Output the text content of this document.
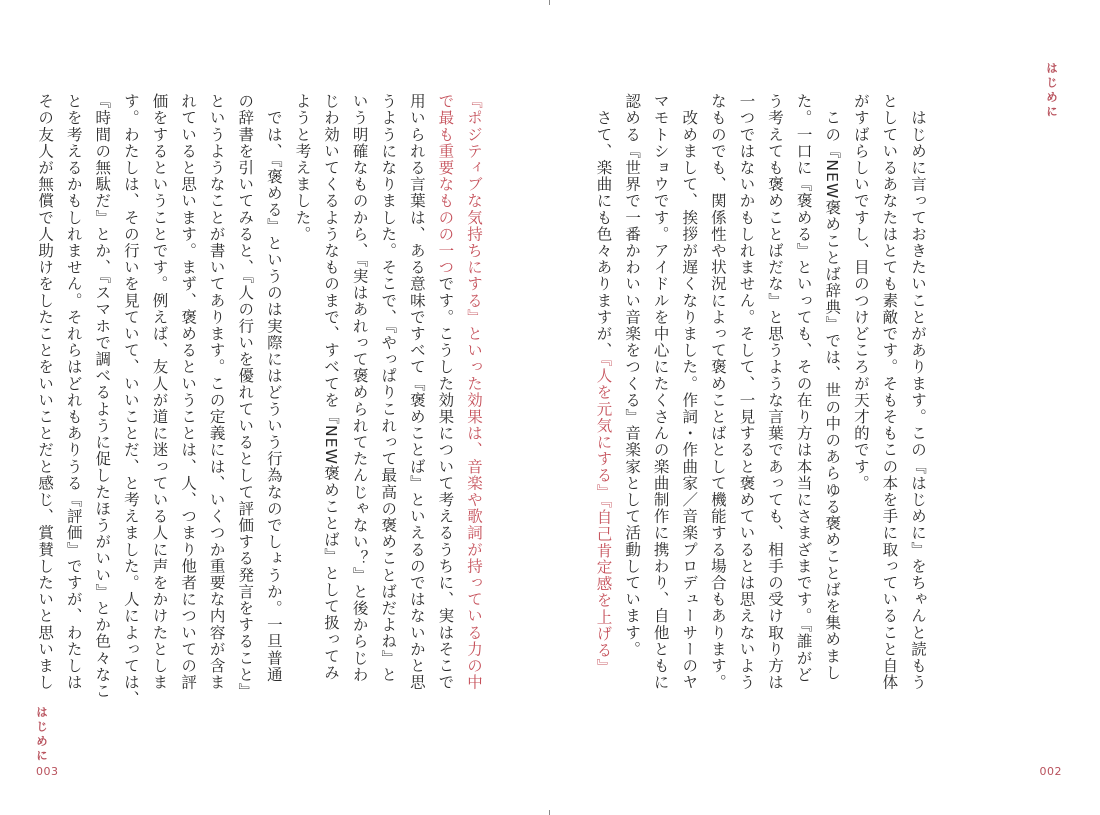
『ポジティブな気持ちにする』といった効果は、音楽や歌詞が持っている力の中
で最も重要なものの一つです。こうした効果について考えるうちに、実はそこで
用いられる言葉は、ある意味ですべて『褒めことば』といえるのではないかと思
うようになりました。そこで、『やっぱりこれって最高の褒めことばだよね』と
いう明確なものから、『実はあれって褒められてたんじゃない？』と後からじわ
じわ効いてくるようなものまで、すべてを『NEW褒めことば』として扱ってみ
ようと考えました。
　では、『褒める』というのは実際にはどういう行為なのでしょうか。一旦普通
の辞書を引いてみると、『人の行いを優れているとして評価する発言をすること』
というようなことが書いてあります。この定義には、いくつか重要な内容が含ま
れていると思います。まず、褒めるということは、人、つまり他者についての評
価をするということです。例えば、友人が道に迷っている人に声をかけたとしま
す。わたしは、その行いを見ていて、いいことだ、と考えました。人によっては、
『時間の無駄だ』とか、『スマホで調べるように促したほうがいい』とか色々なこ
とを考えるかもしれません。それらはどれもありうる『評価』ですが、わたしは
その友人が無償で人助けをしたことをいいことだと感じ、賞賛したいと思いまし
はじめに
003
はじめに
　はじめに言っておきたいことがあります。この『はじめに』をちゃんと読もう
としているあなたはとても素敵です。そもそもこの本を手に取っていること自体
がすばらしいですし、目のつけどころが天才的です。
　この『NEW褒めことば辞典』では、世の中のあらゆる褒めことばを集めまし
た。一口に『褒める』といっても、その在り方は本当にさまざまです。『誰がど
う考えても褒めことばだな』と思うような言葉であっても、相手の受け取り方は
一つではないかもしれません。そして、一見すると褒めているとは思えないよう
なものでも、関係性や状況によって褒めことばとして機能する場合もあります。
　改めまして、挨拶が遅くなりました。作詞・作曲家／音楽プロデューサーのヤ
マモトショウです。アイドルを中心にたくさんの楽曲制作に携わり、自他ともに
認める『世界で一番かわいい音楽をつくる』音楽家として活動しています。
　さて、楽曲にも色々ありますが、『人を元気にする』『自己肯定感を上げる』
002
